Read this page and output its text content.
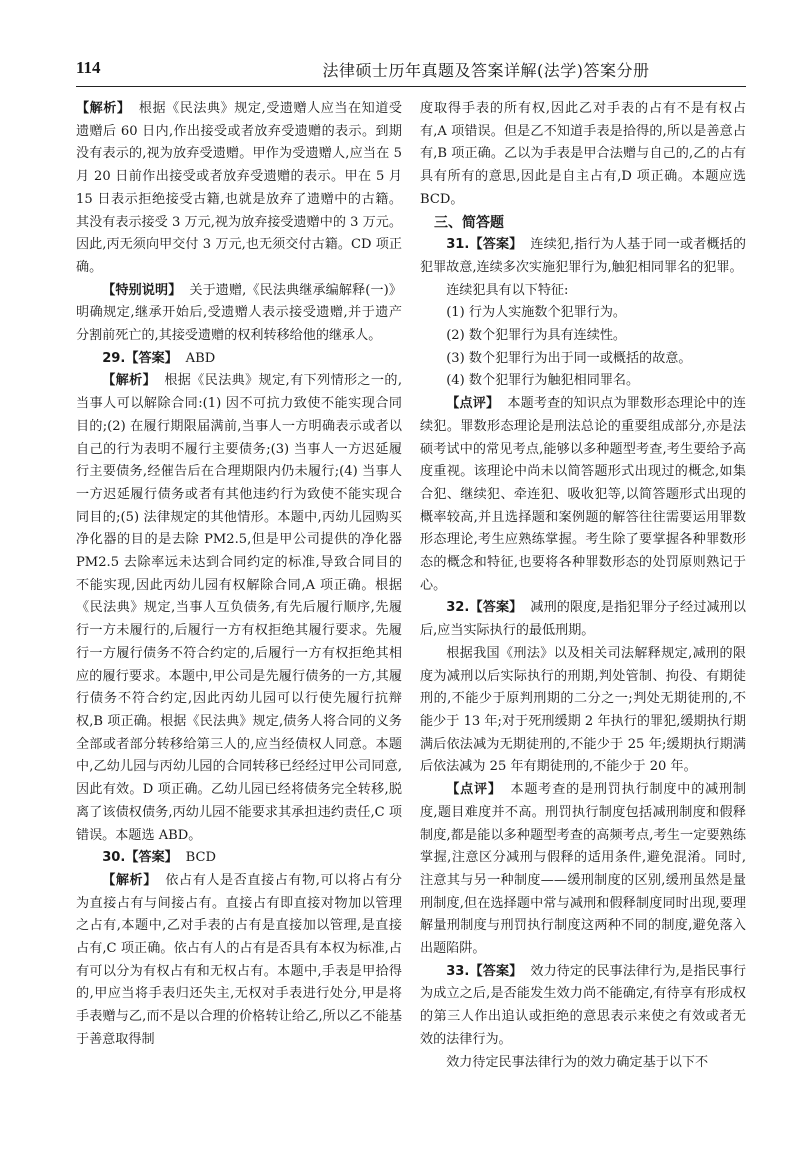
114	法律硕士历年真题及答案详解(法学)答案分册

【解析】 根据《民法典》规定,受遗赠人应当在知道受遗赠后 60 日内,作出接受或者放弃受遗赠的表示。到期没有表示的,视为放弃受遗赠。甲作为受遗赠人,应当在 5 月 20 日前作出接受或者放弃受遗赠的表示。甲在 5 月 15 日表示拒绝接受古籍,也就是放弃了遗赠中的古籍。其没有表示接受 3 万元,视为放弃接受遗赠中的 3 万元。因此,丙无须向甲交付 3 万元,也无须交付古籍。CD 项正确。

【特别说明】 关于遗赠,《民法典继承编解释(一)》明确规定,继承开始后,受遗赠人表示接受遗赠,并于遗产分割前死亡的,其接受遗赠的权利转移给他的继承人。

29.【答案】 ABD

【解析】 根据《民法典》规定,有下列情形之一的,当事人可以解除合同:(1) 因不可抗力致使不能实现合同目的;(2) 在履行期限届满前,当事人一方明确表示或者以自己的行为表明不履行主要债务;(3) 当事人一方迟延履行主要债务,经催告后在合理期限内仍未履行;(4) 当事人一方迟延履行债务或者有其他违约行为致使不能实现合同目的;(5) 法律规定的其他情形。本题中,丙幼儿园购买净化器的目的是去除 PM2.5,但是甲公司提供的净化器 PM2.5 去除率远未达到合同约定的标准,导致合同目的不能实现,因此丙幼儿园有权解除合同,A 项正确。根据《民法典》规定,当事人互负债务,有先后履行顺序,先履行一方未履行的,后履行一方有权拒绝其履行要求。先履行一方履行债务不符合约定的,后履行一方有权拒绝其相应的履行要求。本题中,甲公司是先履行债务的一方,其履行债务不符合约定,因此丙幼儿园可以行使先履行抗辩权,B 项正确。根据《民法典》规定,债务人将合同的义务全部或者部分转移给第三人的,应当经债权人同意。本题中,乙幼儿园与丙幼儿园的合同转移已经经过甲公司同意,因此有效。D 项正确。乙幼儿园已经将债务完全转移,脱离了该债权债务,丙幼儿园不能要求其承担违约责任,C 项错误。本题选 ABD。

30.【答案】 BCD

【解析】 依占有人是否直接占有物,可以将占有分为直接占有与间接占有。直接占有即直接对物加以管理之占有,本题中,乙对手表的占有是直接加以管理,是直接占有,C 项正确。依占有人的占有是否具有本权为标准,占有可以分为有权占有和无权占有。本题中,手表是甲拾得的,甲应当将手表归还失主,无权对手表进行处分,甲是将手表赠与乙,而不是以合理的价格转让给乙,所以乙不能基于善意取得制

度取得手表的所有权,因此乙对手表的占有不是有权占有,A 项错误。但是乙不知道手表是拾得的,所以是善意占有,B 项正确。乙以为手表是甲合法赠与自己的,乙的占有具有所有的意思,因此是自主占有,D 项正确。本题应选 BCD。

三、简答题

31.【答案】 连续犯,指行为人基于同一或者概括的犯罪故意,连续多次实施犯罪行为,触犯相同罪名的犯罪。

连续犯具有以下特征:

(1) 行为人实施数个犯罪行为。

(2) 数个犯罪行为具有连续性。

(3) 数个犯罪行为出于同一或概括的故意。

(4) 数个犯罪行为触犯相同罪名。

【点评】 本题考查的知识点为罪数形态理论中的连续犯。罪数形态理论是刑法总论的重要组成部分,亦是法硕考试中的常见考点,能够以多种题型考查,考生要给予高度重视。该理论中尚未以简答题形式出现过的概念,如集合犯、继续犯、牵连犯、吸收犯等,以简答题形式出现的概率较高,并且选择题和案例题的解答往往需要运用罪数形态理论,考生应熟练掌握。考生除了要掌握各种罪数形态的概念和特征,也要将各种罪数形态的处罚原则熟记于心。

32.【答案】 减刑的限度,是指犯罪分子经过减刑以后,应当实际执行的最低刑期。

根据我国《刑法》以及相关司法解释规定,减刑的限度为减刑以后实际执行的刑期,判处管制、拘役、有期徒刑的,不能少于原判刑期的二分之一;判处无期徒刑的,不能少于 13 年;对于死刑缓期 2 年执行的罪犯,缓期执行期满后依法减为无期徒刑的,不能少于 25 年;缓期执行期满后依法减为 25 年有期徒刑的,不能少于 20 年。

【点评】 本题考查的是刑罚执行制度中的减刑制度,题目难度并不高。刑罚执行制度包括减刑制度和假释制度,都是能以多种题型考查的高频考点,考生一定要熟练掌握,注意区分减刑与假释的适用条件,避免混淆。同时,注意其与另一种制度——缓刑制度的区别,缓刑虽然是量刑制度,但在选择题中常与减刑和假释制度同时出现,要理解量刑制度与刑罚执行制度这两种不同的制度,避免落入出题陷阱。

33.【答案】 效力待定的民事法律行为,是指民事行为成立之后,是否能发生效力尚不能确定,有待享有形成权的第三人作出追认或拒绝的意思表示来使之有效或者无效的法律行为。

效力待定民事法律行为的效力确定基于以下不
